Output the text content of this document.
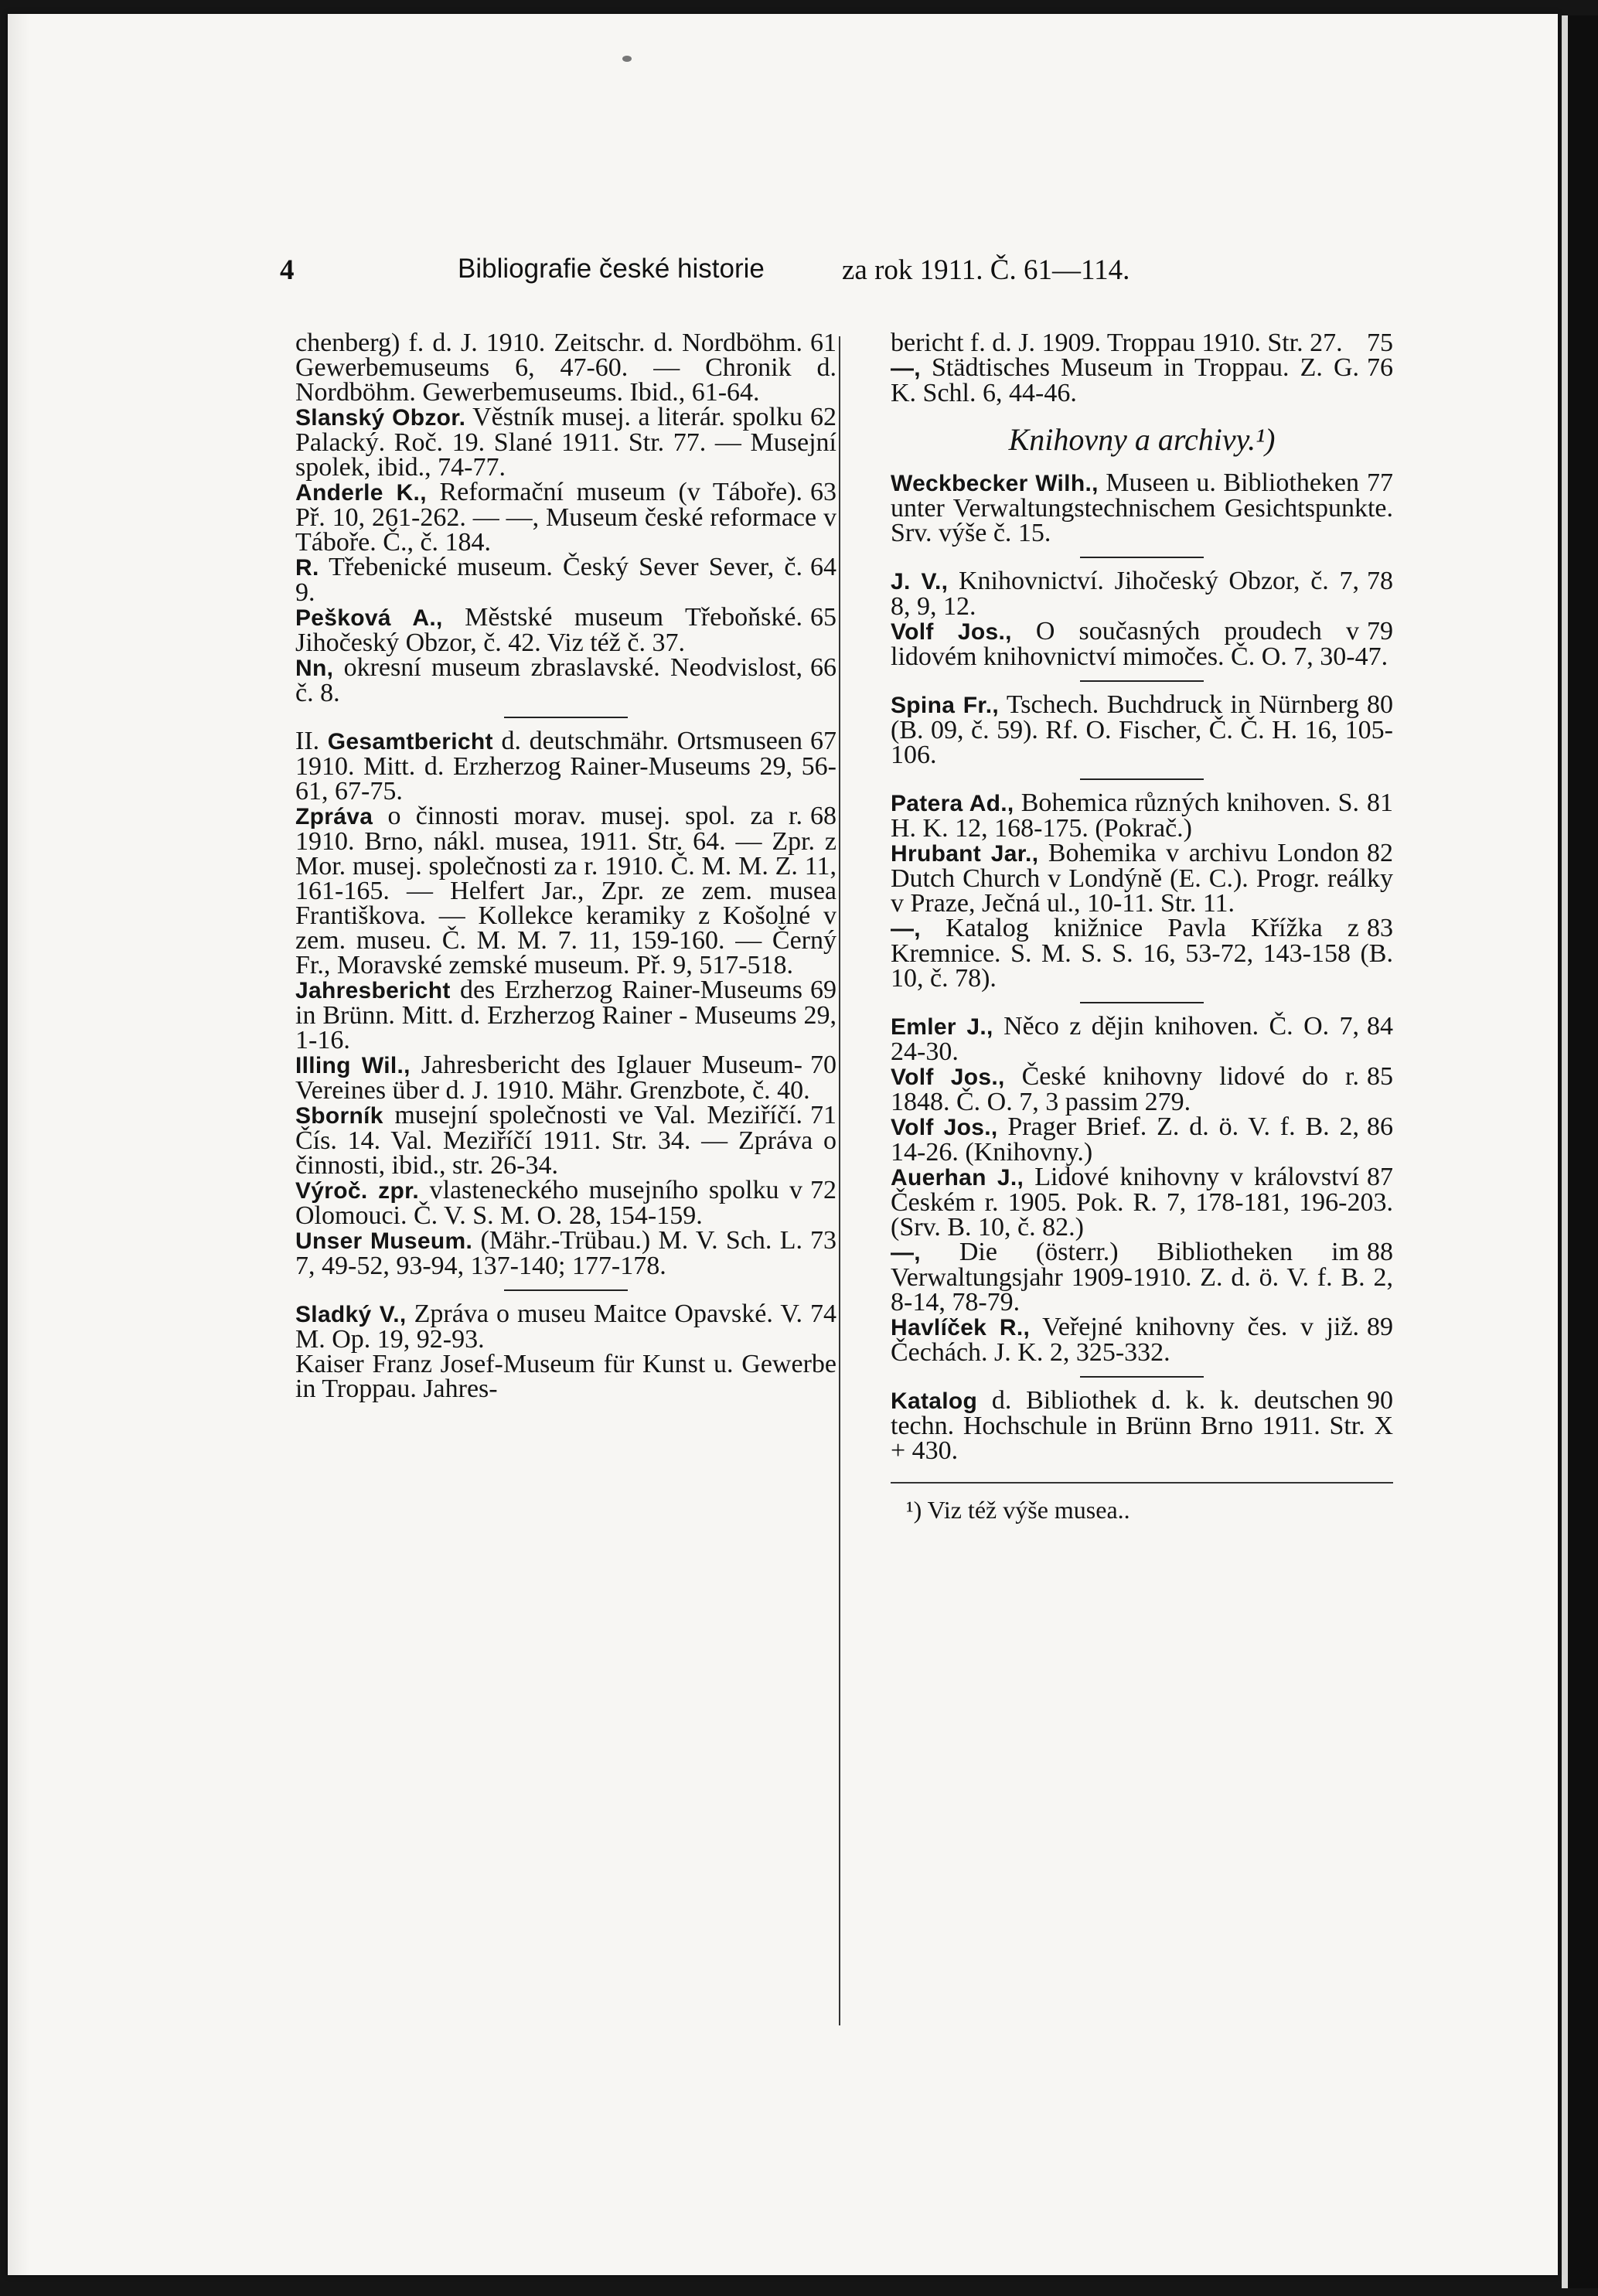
4	Bibliografie české historie	za rok 1911. Č. 61—114.

61
chenberg) f. d. J. 1910. Zeitschr. d. Nordböhm. Gewerbemuseums 6, 47-60. — Chronik d. Nordböhm. Gewerbemuseums. Ibid., 61-64.

62
Slanský Obzor. Věstník musej. a literár. spolku Palacký. Roč. 19. Slané 1911. Str. 77. — Musejní spolek, ibid., 74-77.

63
Anderle K., Reformační museum (v Táboře). Př. 10, 261-262. — —, Museum české reformace v Táboře. Č., č. 184.

64
R. Třebenické museum. Český Sever Sever, č. 9.

65
Pešková A., Městské museum Třeboňské. Jihočeský Obzor, č. 42. Viz též č. 37.

66
Nn, okresní museum zbraslavské. Neodvislost, č. 8.

67
II. Gesamtbericht d. deutschmähr. Ortsmuseen 1910. Mitt. d. Erzherzog Rainer-Museums 29, 56-61, 67-75.

68
Zpráva o činnosti morav. musej. spol. za r. 1910. Brno, nákl. musea, 1911. Str. 64. — Zpr. z Mor. musej. společnosti za r. 1910. Č. M. M. Z. 11, 161-165. — Helfert Jar., Zpr. ze zem. musea Františkova. — Kollekce keramiky z Košolné v zem. museu. Č. M. M. 7. 11, 159-160. — Černý Fr., Moravské zemské museum. Př. 9, 517-518.

69
Jahresbericht des Erzherzog Rainer-Museums in Brünn. Mitt. d. Erzherzog Rainer - Museums 29, 1-16.

70
Illing Wil., Jahresbericht des Iglauer Museum-Vereines über d. J. 1910. Mähr. Grenzbote, č. 40.

71
Sborník musejní společnosti ve Val. Meziříčí. Čís. 14. Val. Meziříčí 1911. Str. 34. — Zpráva o činnosti, ibid., str. 26-34.

72
Výroč. zpr. vlasteneckého musejního spolku v Olomouci. Č. V. S. M. O. 28, 154-159.

73
Unser Museum. (Mähr.-Trübau.) M. V. Sch. L. 7, 49-52, 93-94, 137-140; 177-178.

74
Sladký V., Zpráva o museu Maitce Opavské. V. M. Op. 19, 92-93.

Kaiser Franz Josef-Museum für Kunst u. Gewerbe in Troppau. Jahres-

75
bericht f. d. J. 1909. Troppau 1910. Str. 27.

76
—, Städtisches Museum in Troppau. Z. G. K. Schl. 6, 44-46.

Knihovny a archivy.¹)

77
Weckbecker Wilh., Museen u. Bibliotheken unter Verwaltungstechnischem Gesichtspunkte. Srv. výše č. 15.

78
J. V., Knihovnictví. Jihočeský Obzor, č. 7, 8, 9, 12.

79
Volf Jos., O současných proudech v lidovém knihovnictví mimočes. Č. O. 7, 30-47.

80
Spina Fr., Tschech. Buchdruck in Nürnberg (B. 09, č. 59). Rf. O. Fischer, Č. Č. H. 16, 105-106.

81
Patera Ad., Bohemica různých knihoven. S. H. K. 12, 168-175. (Pokrač.)

82
Hrubant Jar., Bohemika v archivu London Dutch Church v Londýně (E. C.). Progr. reálky v Praze, Ječná ul., 10-11. Str. 11.

83
—, Katalog knižnice Pavla Křížka z Kremnice. S. M. S. S. 16, 53-72, 143-158 (B. 10, č. 78).

84
Emler J., Něco z dějin knihoven. Č. O. 7, 24-30.

85
Volf Jos., České knihovny lidové do r. 1848. Č. O. 7, 3 passim 279.

86
Volf Jos., Prager Brief. Z. d. ö. V. f. B. 2, 14-26. (Knihovny.)

87
Auerhan J., Lidové knihovny v království Českém r. 1905. Pok. R. 7, 178-181, 196-203. (Srv. B. 10, č. 82.)

88
—, Die (österr.) Bibliotheken im Verwaltungsjahr 1909-1910. Z. d. ö. V. f. B. 2, 8-14, 78-79.

89
Havlíček R., Veřejné knihovny čes. v již. Čechách. J. K. 2, 325-332.

90
Katalog d. Bibliothek d. k. k. deutschen techn. Hochschule in Brünn Brno 1911. Str. X + 430.

¹) Viz též výše musea..
